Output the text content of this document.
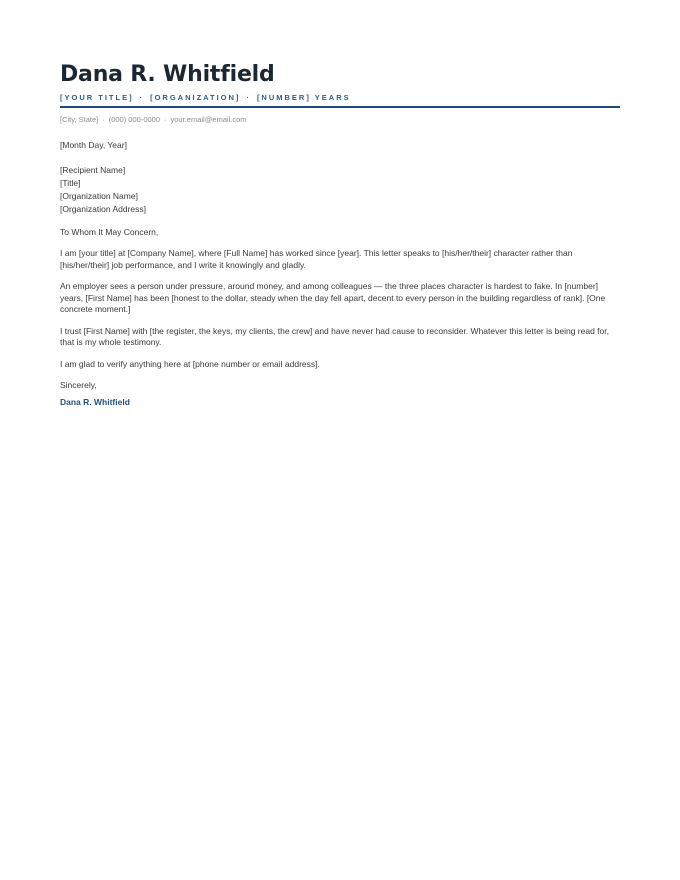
Dana R. Whitfield
[YOUR TITLE] · [ORGANIZATION] · [NUMBER] YEARS
[City, State] · (000) 000-0000 · your.email@email.com
[Month Day, Year]
[Recipient Name]
[Title]
[Organization Name]
[Organization Address]
To Whom It May Concern,
I am [your title] at [Company Name], where [Full Name] has worked since [year]. This letter speaks to [his/her/their] character rather than [his/her/their] job performance, and I write it knowingly and gladly.
An employer sees a person under pressure, around money, and among colleagues — the three places character is hardest to fake. In [number] years, [First Name] has been [honest to the dollar, steady when the day fell apart, decent to every person in the building regardless of rank]. [One concrete moment.]
I trust [First Name] with [the register, the keys, my clients, the crew] and have never had cause to reconsider. Whatever this letter is being read for, that is my whole testimony.
I am glad to verify anything here at [phone number or email address].
Sincerely,
Dana R. Whitfield
